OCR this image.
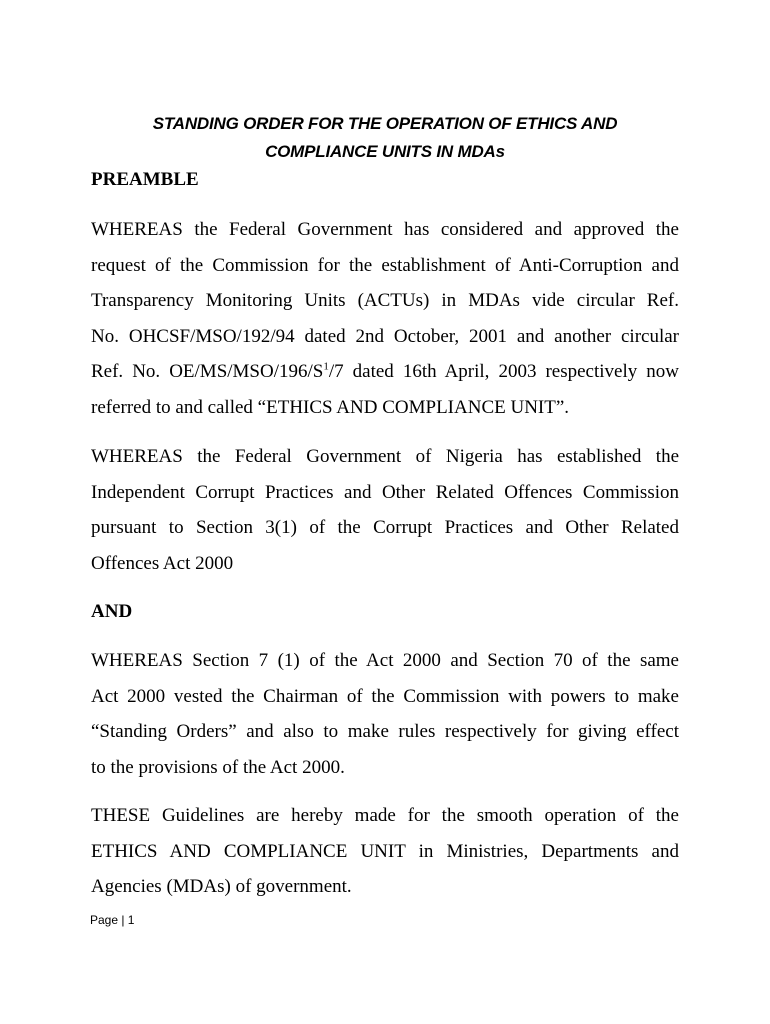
STANDING ORDER FOR THE OPERATION OF ETHICS AND
COMPLIANCE UNITS IN MDAs
PREAMBLE

WHEREAS the Federal Government has considered and approved the
request of the Commission for the establishment of Anti-Corruption and
Transparency Monitoring Units (ACTUs) in MDAs vide circular Ref.
No. OHCSF/MSO/192/94 dated 2nd October, 2001 and another circular
Ref. No. $OE/MS/MSO/196/S^1/7$ dated 16th April, 2003 respectively now
referred to and called “ETHICS AND COMPLIANCE UNIT”.

WHEREAS the Federal Government of Nigeria has established the
Independent Corrupt Practices and Other Related Offences Commission
pursuant to Section 3(1) of the Corrupt Practices and Other Related
Offences Act 2000

AND

WHEREAS Section 7 (1) of the Act 2000 and Section 70 of the same
Act 2000 vested the Chairman of the Commission with powers to make
“Standing Orders” and also to make rules respectively for giving effect
to the provisions of the Act 2000.

THESE Guidelines are hereby made for the smooth operation of the
ETHICS AND COMPLIANCE UNIT in Ministries, Departments and
Agencies (MDAs) of government.

Page | 1
